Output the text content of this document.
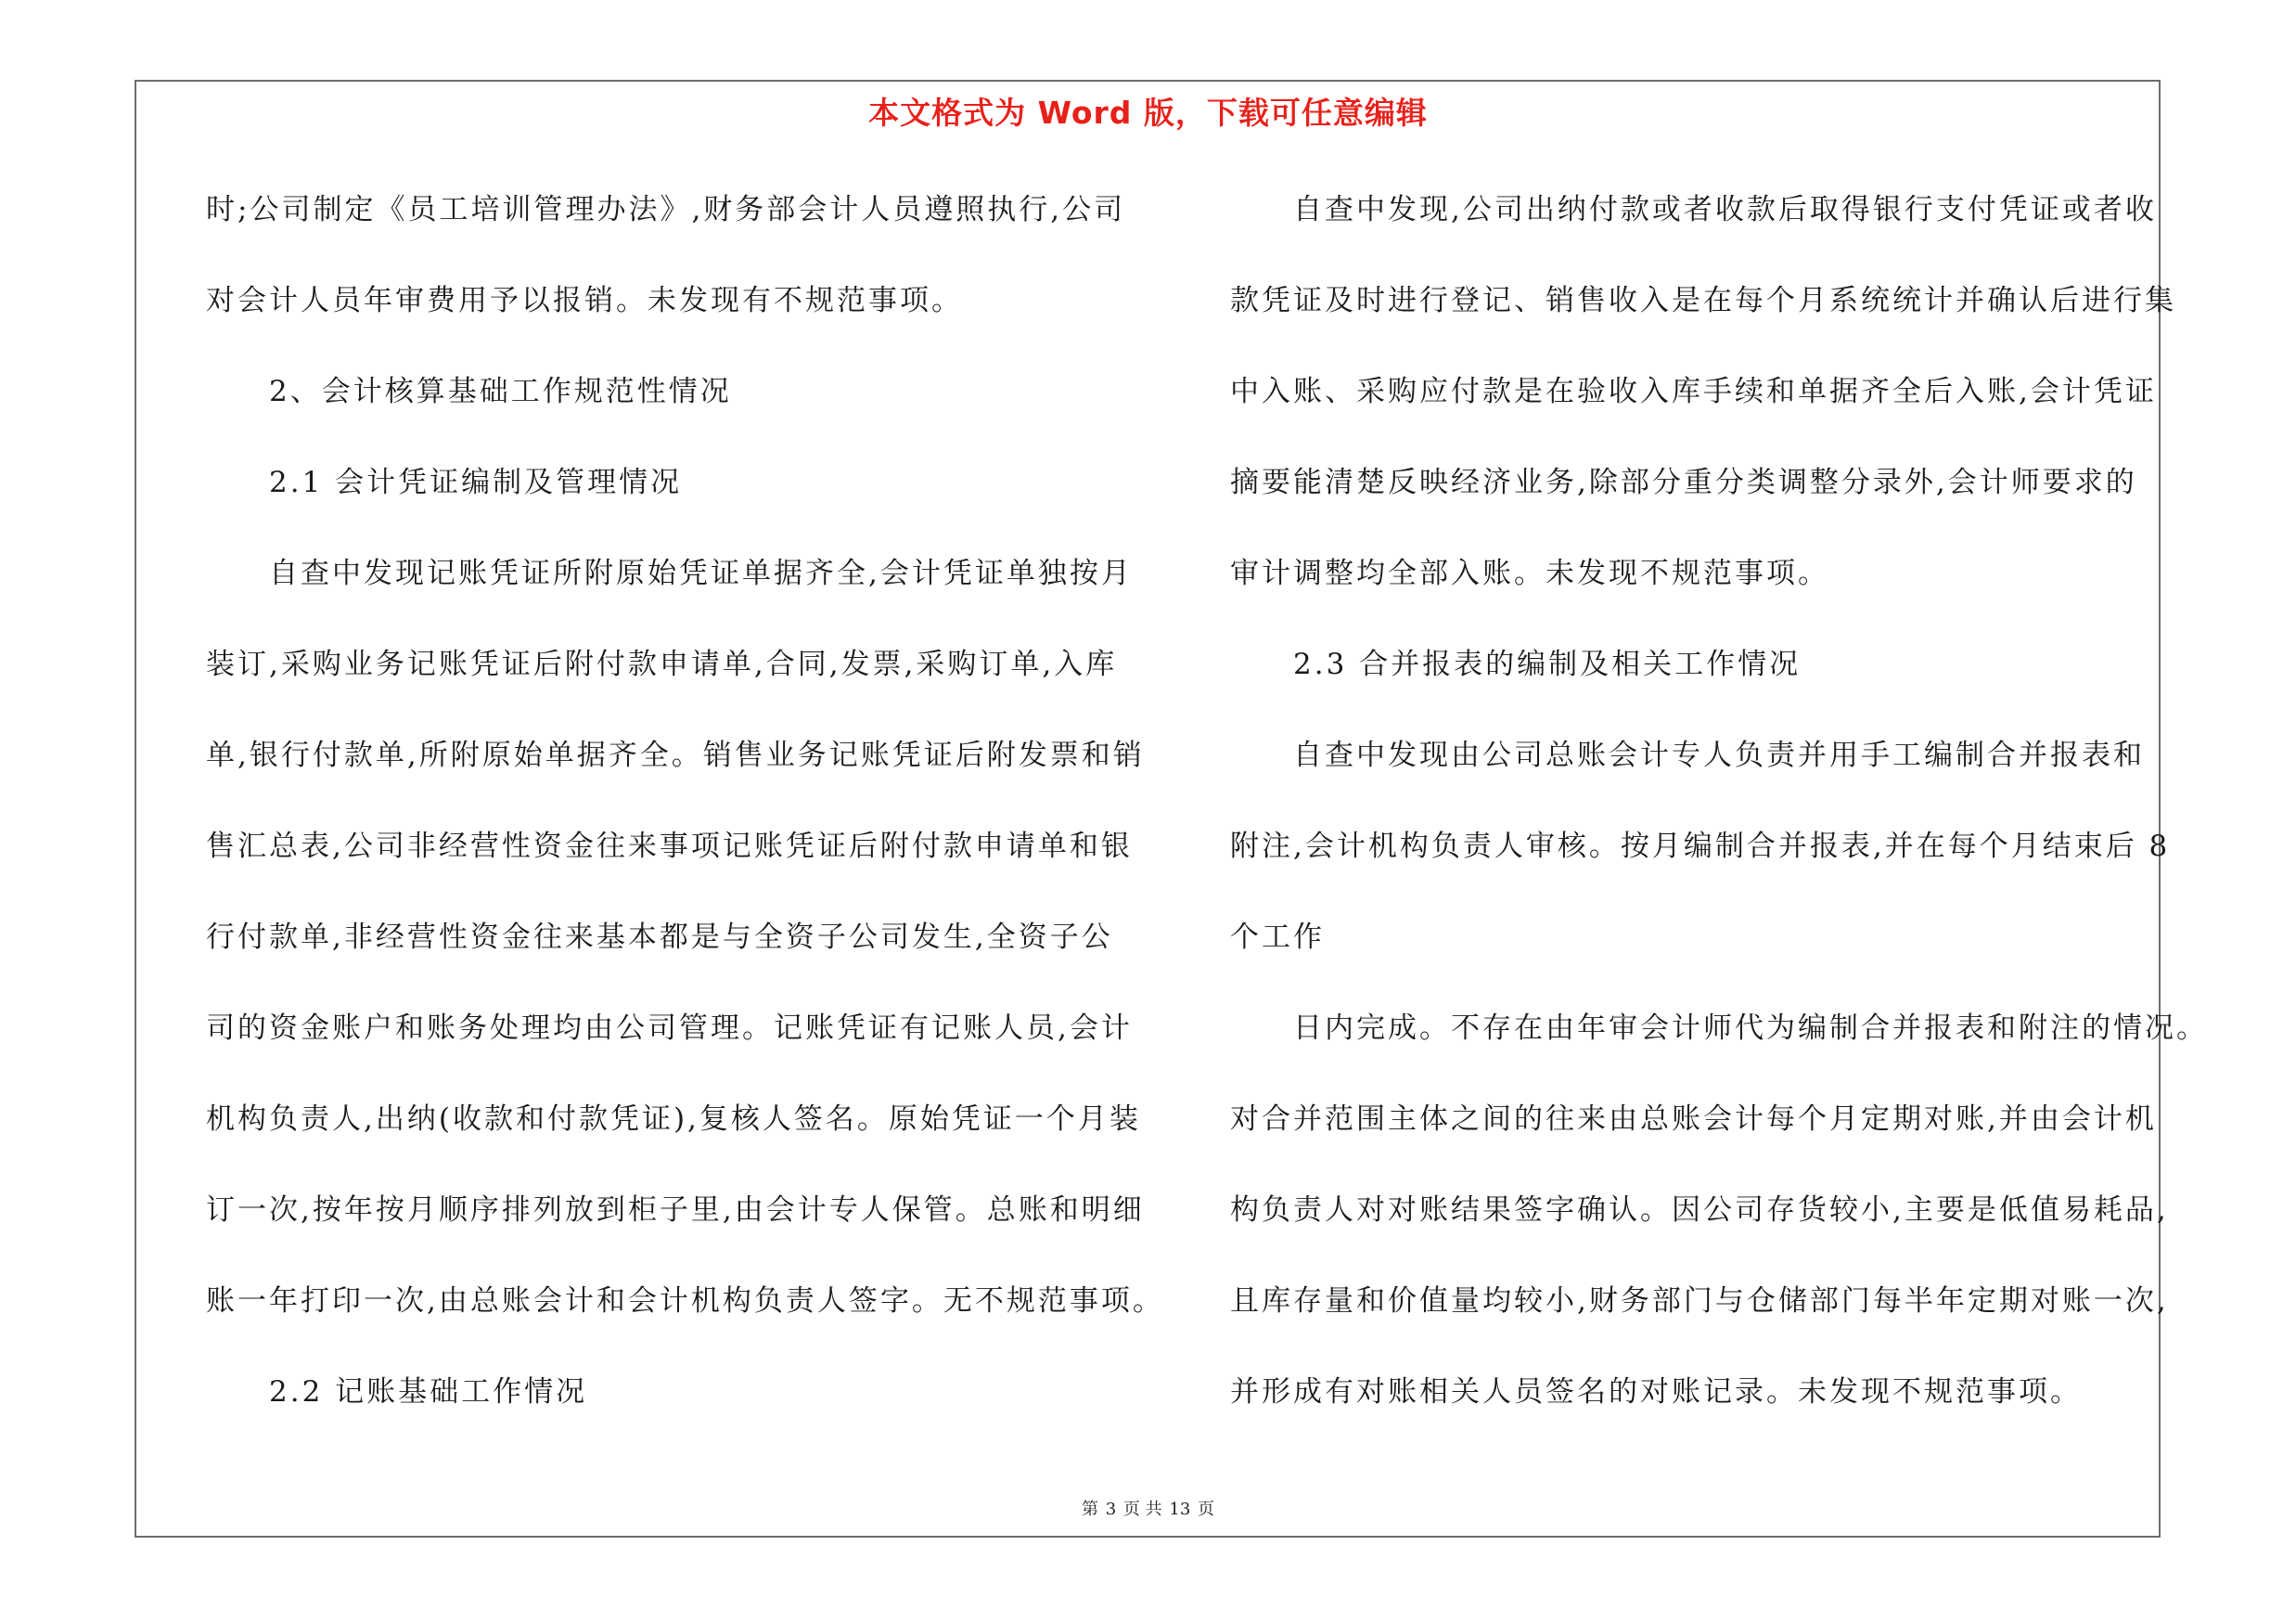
本文格式为 Word 版，下载可任意编辑
时;公司制定《员工培训管理办法》,财务部会计人员遵照执行,公司
对会计人员年审费用予以报销。未发现有不规范事项。
　　2、会计核算基础工作规范性情况
　　2.1 会计凭证编制及管理情况
　　自查中发现记账凭证所附原始凭证单据齐全,会计凭证单独按月
装订,采购业务记账凭证后附付款申请单,合同,发票,采购订单,入库
单,银行付款单,所附原始单据齐全。销售业务记账凭证后附发票和销
售汇总表,公司非经营性资金往来事项记账凭证后附付款申请单和银
行付款单,非经营性资金往来基本都是与全资子公司发生,全资子公
司的资金账户和账务处理均由公司管理。记账凭证有记账人员,会计
机构负责人,出纳(收款和付款凭证),复核人签名。原始凭证一个月装
订一次,按年按月顺序排列放到柜子里,由会计专人保管。总账和明细
账一年打印一次,由总账会计和会计机构负责人签字。无不规范事项。
　　2.2 记账基础工作情况
　　自查中发现,公司出纳付款或者收款后取得银行支付凭证或者收
款凭证及时进行登记、销售收入是在每个月系统统计并确认后进行集
中入账、采购应付款是在验收入库手续和单据齐全后入账,会计凭证
摘要能清楚反映经济业务,除部分重分类调整分录外,会计师要求的
审计调整均全部入账。未发现不规范事项。
　　2.3 合并报表的编制及相关工作情况
　　自查中发现由公司总账会计专人负责并用手工编制合并报表和
附注,会计机构负责人审核。按月编制合并报表,并在每个月结束后 8
个工作
　　日内完成。不存在由年审会计师代为编制合并报表和附注的情况。
对合并范围主体之间的往来由总账会计每个月定期对账,并由会计机
构负责人对对账结果签字确认。因公司存货较小,主要是低值易耗品,
且库存量和价值量均较小,财务部门与仓储部门每半年定期对账一次,
并形成有对账相关人员签名的对账记录。未发现不规范事项。
第 3 页 共 13 页
